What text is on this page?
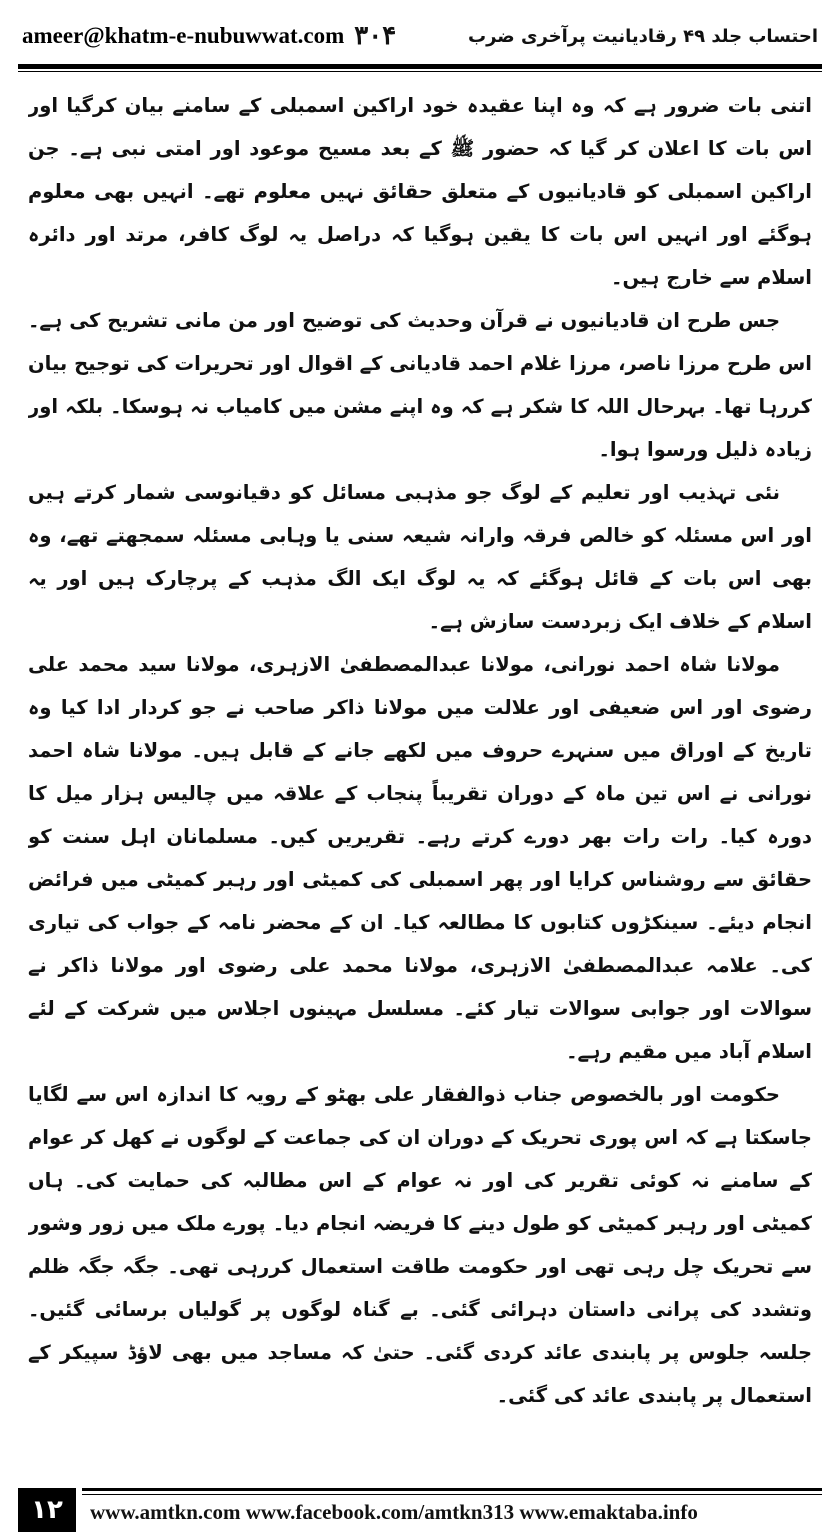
ameer@khatm-e-nubuwwat.com ۳۰۴	احتساب جلد ۴۹ رقادیانیت پرآخری ضرب

اتنی بات ضرور ہے کہ وہ اپنا عقیدہ خود اراکین اسمبلی کے سامنے بیان کرگیا اور اس بات کا اعلان کر گیا کہ حضور ﷺ کے بعد مسیح موعود اور امتی نبی ہے۔ جن اراکین اسمبلی کو قادیانیوں کے متعلق حقائق نہیں معلوم تھے۔ انہیں بھی معلوم ہوگئے اور انہیں اس بات کا یقین ہوگیا کہ دراصل یہ لوگ کافر، مرتد اور دائرہ اسلام سے خارج ہیں۔

جس طرح ان قادیانیوں نے قرآن وحدیث کی توضیح اور من مانی تشریح کی ہے۔ اس طرح مرزا ناصر، مرزا غلام احمد قادیانی کے اقوال اور تحریرات کی توجیح بیان کررہا تھا۔ بہرحال اللہ کا شکر ہے کہ وہ اپنے مشن میں کامیاب نہ ہوسکا۔ بلکہ اور زیادہ ذلیل ورسوا ہوا۔

نئی تہذیب اور تعلیم کے لوگ جو مذہبی مسائل کو دقیانوسی شمار کرتے ہیں اور اس مسئلہ کو خالص فرقہ وارانہ شیعہ سنی یا وہابی مسئلہ سمجھتے تھے، وہ بھی اس بات کے قائل ہوگئے کہ یہ لوگ ایک الگ مذہب کے پرچارک ہیں اور یہ اسلام کے خلاف ایک زبردست سازش ہے۔

مولانا شاہ احمد نورانی، مولانا عبدالمصطفیٰ الازہری، مولانا سید محمد علی رضوی اور اس ضعیفی اور علالت میں مولانا ذاکر صاحب نے جو کردار ادا کیا وہ تاریخ کے اوراق میں سنہرے حروف میں لکھے جانے کے قابل ہیں۔ مولانا شاہ احمد نورانی نے اس تین ماہ کے دوران تقریباً پنجاب کے علاقہ میں چالیس ہزار میل کا دورہ کیا۔ رات رات بھر دورے کرتے رہے۔ تقریریں کیں۔ مسلمانان اہل سنت کو حقائق سے روشناس کرایا اور پھر اسمبلی کی کمیٹی اور رہبر کمیٹی میں فرائض انجام دیئے۔ سینکڑوں کتابوں کا مطالعہ کیا۔ ان کے محضر نامہ کے جواب کی تیاری کی۔ علامہ عبدالمصطفیٰ الازہری، مولانا محمد علی رضوی اور مولانا ذاکر نے سوالات اور جوابی سوالات تیار کئے۔ مسلسل مہینوں اجلاس میں شرکت کے لئے اسلام آباد میں مقیم رہے۔

حکومت اور بالخصوص جناب ذوالفقار علی بھٹو کے رویہ کا اندازہ اس سے لگایا جاسکتا ہے کہ اس پوری تحریک کے دوران ان کی جماعت کے لوگوں نے کھل کر عوام کے سامنے نہ کوئی تقریر کی اور نہ عوام کے اس مطالبہ کی حمایت کی۔ ہاں کمیٹی اور رہبر کمیٹی کو طول دینے کا فریضہ انجام دیا۔ پورے ملک میں زور وشور سے تحریک چل رہی تھی اور حکومت طاقت استعمال کررہی تھی۔ جگہ جگہ ظلم وتشدد کی پرانی داستان دہرائی گئی۔ بے گناہ لوگوں پر گولیاں برسائی گئیں۔ جلسہ جلوس پر پابندی عائد کردی گئی۔ حتیٰ کہ مساجد میں بھی لاؤڈ سپیکر کے استعمال پر پابندی عائد کی گئی۔

۱۲	www.amtkn.com www.facebook.com/amtkn313 www.emaktaba.info
